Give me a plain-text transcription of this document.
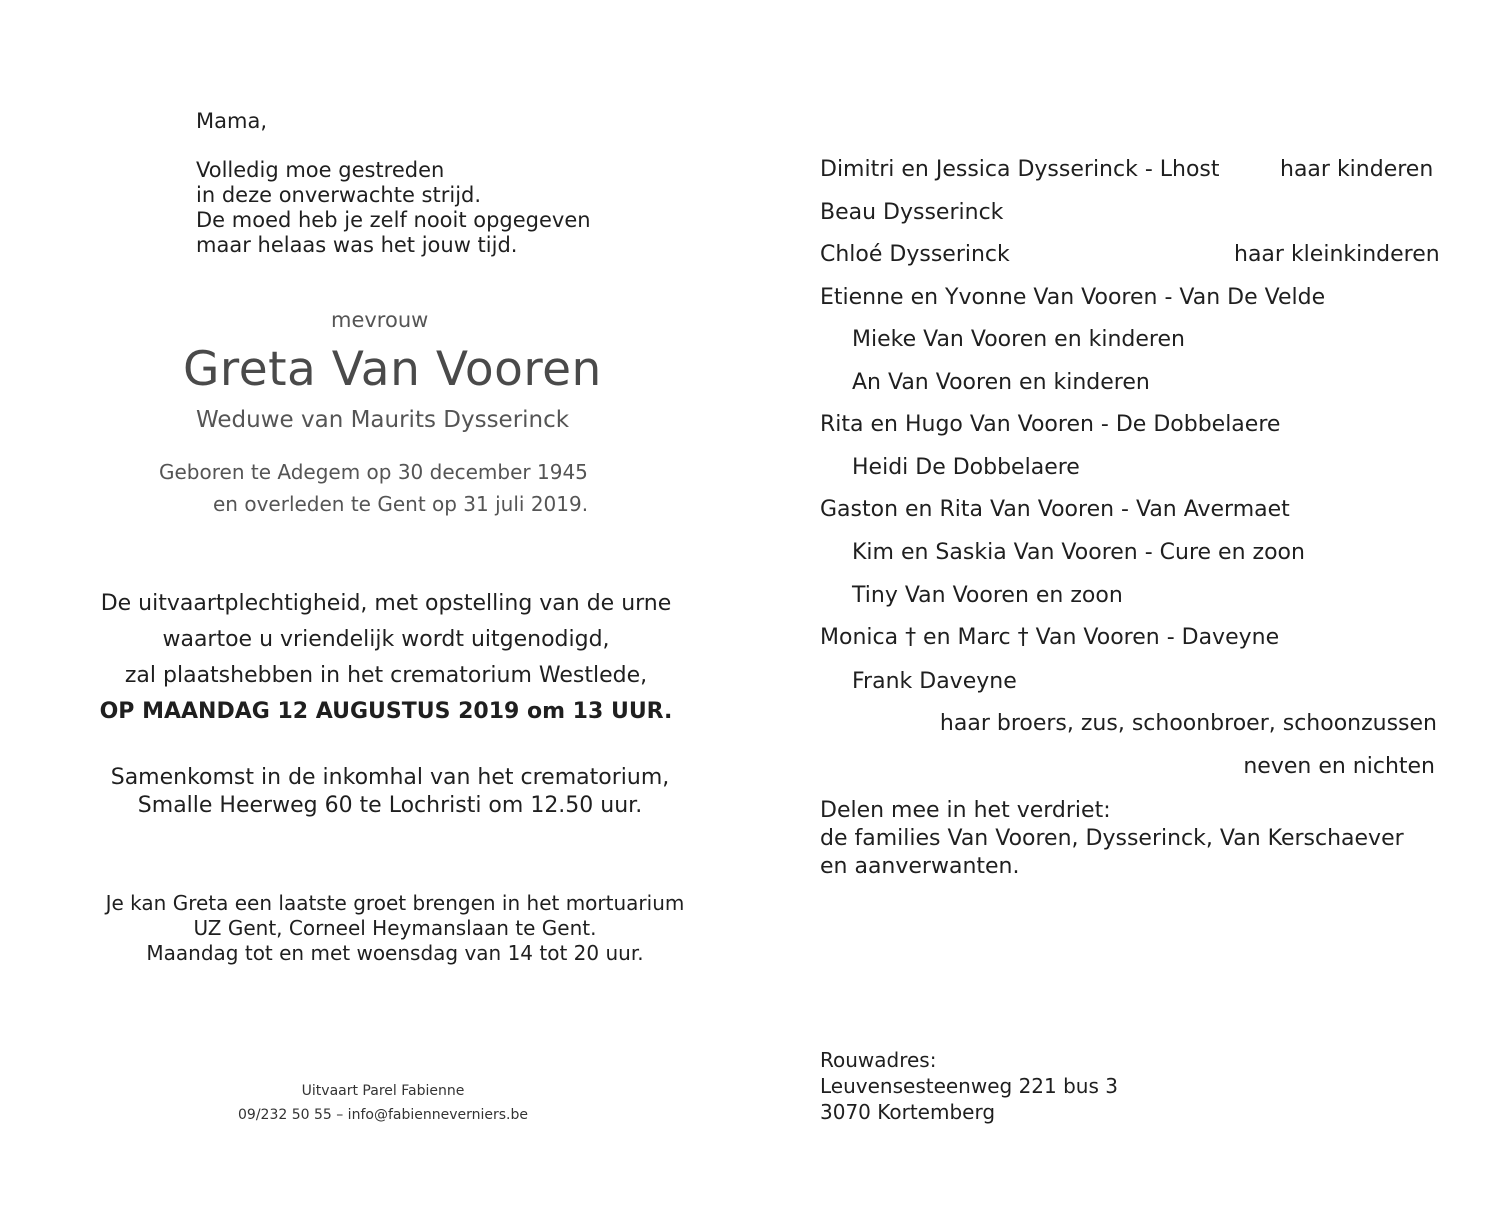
Mama,
Volledig moe gestreden
in deze onverwachte strijd.
De moed heb je zelf nooit opgegeven
maar helaas was het jouw tijd.
mevrouw
Greta Van Vooren
Weduwe van Maurits Dysserinck
Geboren te Adegem op 30 december 1945
en overleden te Gent op 31 juli 2019.
De uitvaartplechtigheid, met opstelling van de urne
waartoe u vriendelijk wordt uitgenodigd,
zal plaatshebben in het crematorium Westlede,
OP MAANDAG 12 AUGUSTUS 2019 om 13 UUR.
Samenkomst in de inkomhal van het crematorium,
Smalle Heerweg 60 te Lochristi om 12.50 uur.
Je kan Greta een laatste groet brengen in het mortuarium
UZ Gent, Corneel Heymanslaan te Gent.
Maandag tot en met woensdag van 14 tot 20 uur.
Uitvaart Parel Fabienne
09/232 50 55 – info@fabienneverniers.be
Dimitri en Jessica Dysserinck - Lhost	haar kinderen
Beau Dysserinck
Chloé Dysserinck	haar kleinkinderen
Etienne en Yvonne Van Vooren - Van De Velde
Mieke Van Vooren en kinderen
An Van Vooren en kinderen
Rita en Hugo Van Vooren - De Dobbelaere
Heidi De Dobbelaere
Gaston en Rita Van Vooren - Van Avermaet
Kim en Saskia Van Vooren - Cure en zoon
Tiny Van Vooren en zoon
Monica † en Marc † Van Vooren - Daveyne
Frank Daveyne
haar broers, zus, schoonbroer, schoonzussen
neven en nichten
Delen mee in het verdriet:
de families Van Vooren, Dysserinck, Van Kerschaever
en aanverwanten.
Rouwadres:
Leuvensesteenweg 221 bus 3
3070 Kortemberg
